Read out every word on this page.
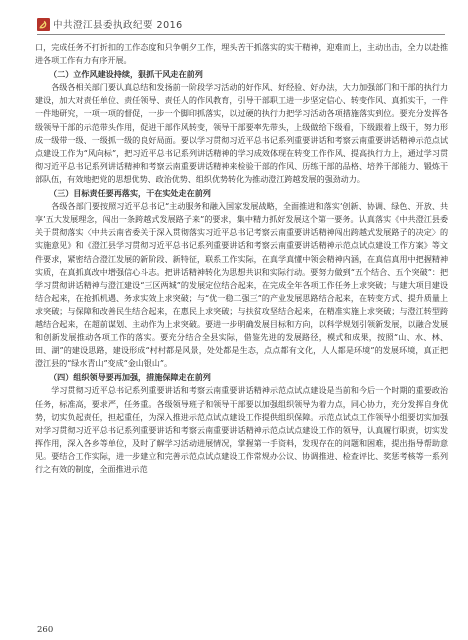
中共澄江县委执政纪要 2016

口，完成任务不打折扣的工作态度和只争朝夕工作，埋头苦干抓落实的实干精神，迎难而上，主动出击，全力以赴推进各项工作有力有序开展。

（二）立作风建设持续，狠抓干风走在前列

各级各相关部门要认真总结和发扬前一阶段学习活动的好作风、好经验、好办法，大力加强部门和干部的执行力建设，加大对责任单位、责任领导、责任人的作风教育，引导干部职工进一步坚定信心、转变作风、真抓实干，一件一件地研究，一项一项的督促，一步一个脚印抓落实，以过硬的执行力把学习活动各项措施落实到位。要充分发挥各级领导干部的示范带头作用，促进干部作风转变，领导干部要率先带头，上级做给下级看，下级跟着上级干，努力形成一级带一级、一级抓一级的良好局面。要以学习贯彻习近平总书记系列重要讲话和考察云南重要讲话精神示范点试点建设工作为“风向标”，把习近平总书记系列讲话精神的学习成效体现在转变工作作风、提高执行力上，通过学习贯彻习近平总书记系列讲话精神和考察云南重要讲话精神来检验干部的作风、历练干部的品格、培养干部能力、锻炼干部队伍，有效地把党的思想优势、政治优势、组织优势转化为推动澄江跨越发展的强劲动力。

（三）目标责任要再落实，干在实处走在前列

各级各部门要按照习近平总书记“主动服务和融入国家发展战略，全面推进和落实‘创新、协调、绿色、开放、共享’五大发展理念，闯出一条跨越式发展路子来”的要求，集中精力抓好发展这个第一要务。认真落实《中共澄江县委关于贯彻落实〈中共云南省委关于深入贯彻落实习近平总书记考察云南重要讲话精神闯出跨越式发展路子的决定〉的实施意见》和《澄江县学习贯彻习近平总书记系列重要讲话和考察云南重要讲话精神示范点试点建设工作方案》等文件要求，紧密结合澄江发展的新阶段、新特征，联系工作实际，在真学真懂中领会精神内涵，在真信真用中把握精神实质，在真抓真改中增强信心斗志。把讲话精神转化为思想共识和实际行动。要努力做到“五个结合、五个突破”：把学习贯彻讲话精神与澄江建设“三区两城”的发展定位结合起来，在完成全年各项工作任务上求突破；与建大项目建设结合起来，在抢抓机遇、务求实效上求突破；与“优一稳二强三”的产业发展思路结合起来，在转变方式、提升质量上求突破；与保障和改善民生结合起来，在惠民上求突破；与扶贫攻坚结合起来，在精准实施上求突破；与澄江转型跨越结合起来，在超前谋划、主动作为上求突破。要进一步明确发展目标和方向，以科学规划引领新发展，以融合发展和创新发展推动各项工作的落实。要充分结合全县实际，借鉴先进的发展路径，模式和成果，按照“山、水、林、田、湖”的建设思路，建设形成“村村都是风景，处处都是生态，点点都有文化，人人都是环境”的发展环境，真正把澄江县的“绿水青山”变成“金山银山”。

（四）组织领导要再加强，措施保障走在前列

学习贯彻习近平总书记系列重要讲话和考察云南重要讲话精神示范点试点建设是当前和今后一个时期的重要政治任务，标准高，要求严，任务重。各级领导班子和领导干部要以加强组织领导为着力点，同心协力，充分发挥自身优势，切实负起责任，担起重任，为深入推进示范点试点建设工作提供组织保障。示范点试点工作领导小组要切实加强对学习贯彻习近平总书记系列重要讲话和考察云南重要讲话精神示范点试点建设工作的领导，认真履行职责，切实发挥作用，深入各乡等单位，及时了解学习活动进展情况，掌握第一手资料，发现存在的问题和困难，提出指导帮助意见。要结合工作实际，进一步建立和完善示范点试点建设工作常规办公议、协调推进、检查评比、奖惩考核等一系列行之有效的制度，全面推进示范

260
